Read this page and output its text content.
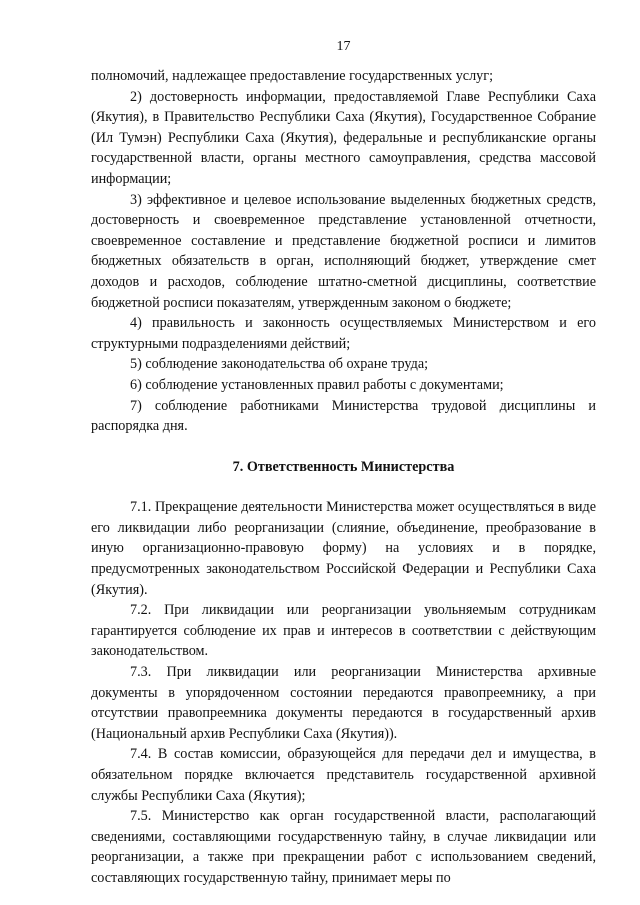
17

полномочий, надлежащее предоставление государственных услуг;

2) достоверность информации, предоставляемой Главе Республики Саха (Якутия), в Правительство Республики Саха (Якутия), Государственное Собрание (Ил Тумэн) Республики Саха (Якутия), федеральные и республиканские органы государственной власти, органы местного самоуправления, средства массовой информации;

3) эффективное и целевое использование выделенных бюджетных средств, достоверность и своевременное представление установленной отчетности, своевременное составление и представление бюджетной росписи и лимитов бюджетных обязательств в орган, исполняющий бюджет, утверждение смет доходов и расходов, соблюдение штатно-сметной дисциплины, соответствие бюджетной росписи показателям, утвержденным законом о бюджете;

4) правильность и законность осуществляемых Министерством и его структурными подразделениями действий;

5) соблюдение законодательства об охране труда;

6) соблюдение установленных правил работы с документами;

7) соблюдение работниками Министерства трудовой дисциплины и распорядка дня.

7. Ответственность Министерства

7.1. Прекращение деятельности Министерства может осуществляться в виде его ликвидации либо реорганизации (слияние, объединение, преобразование в иную организационно-правовую форму) на условиях и в порядке, предусмотренных законодательством Российской Федерации и Республики Саха (Якутия).

7.2. При ликвидации или реорганизации увольняемым сотрудникам гарантируется соблюдение их прав и интересов в соответствии с действующим законодательством.

7.3. При ликвидации или реорганизации Министерства архивные документы в упорядоченном состоянии передаются правопреемнику, а при отсутствии правопреемника документы передаются в государственный архив (Национальный архив Республики Саха (Якутия)).

7.4. В состав комиссии, образующейся для передачи дел и имущества, в обязательном порядке включается представитель государственной архивной службы Республики Саха (Якутия);

7.5. Министерство как орган государственной власти, располагающий сведениями, составляющими государственную тайну, в случае ликвидации или реорганизации, а также при прекращении работ с использованием сведений, составляющих государственную тайну, принимает меры по
